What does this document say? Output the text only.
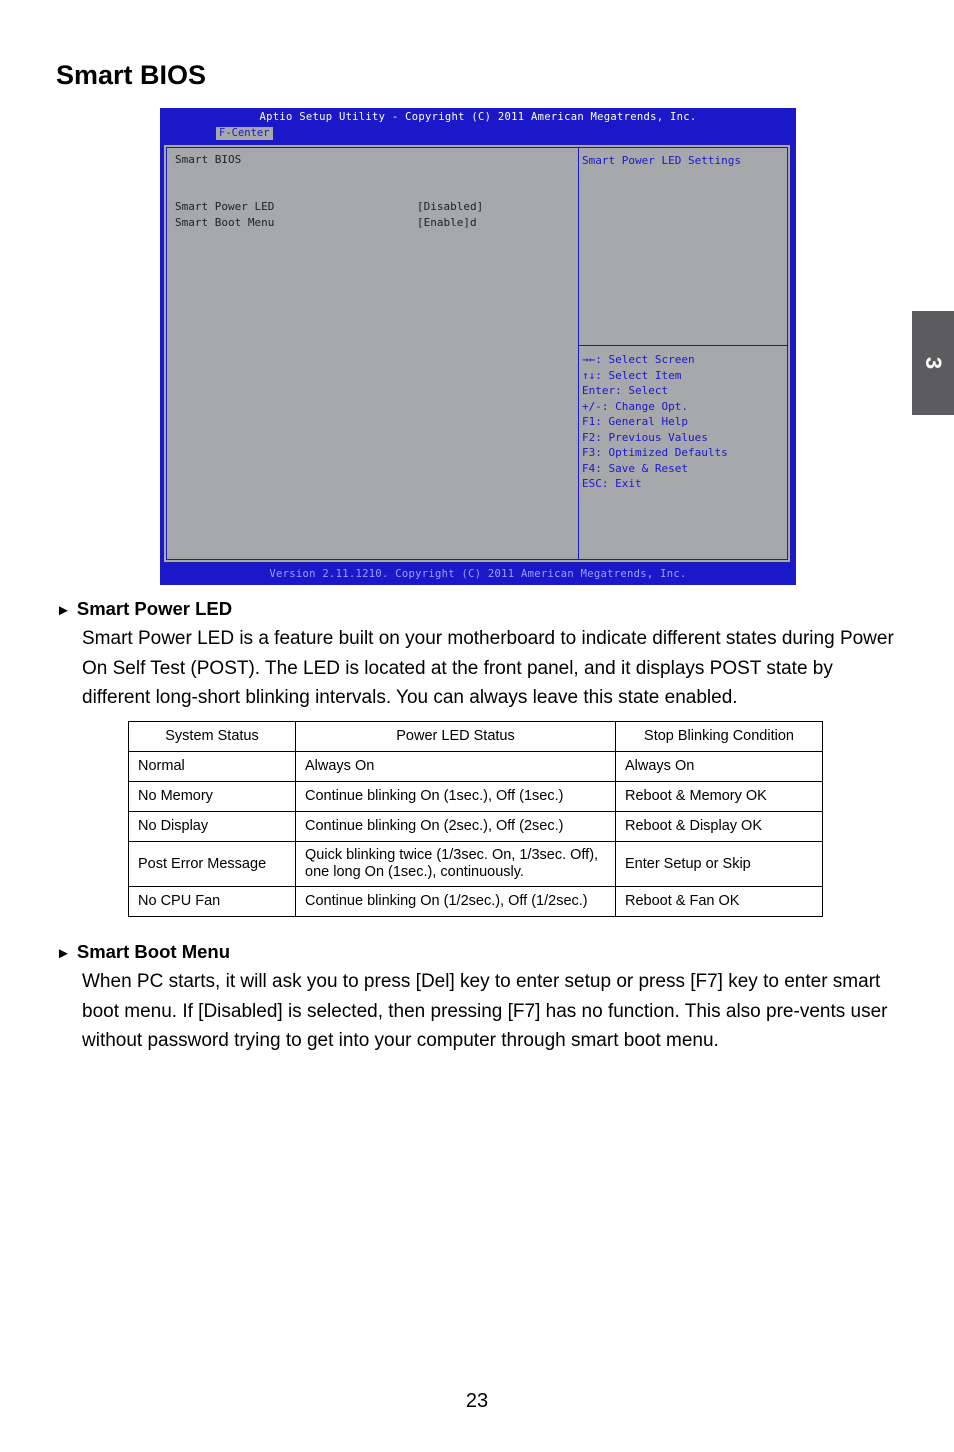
Smart BIOS
3
Aptio Setup Utility - Copyright (C) 2011 American Megatrends, Inc.
F-Center
Smart BIOS
Smart Power LED	[Disabled]
Smart Boot Menu	[Enable]d
Smart Power LED Settings
→←: Select Screen
↑↓: Select Item
Enter: Select
+/-: Change Opt.
F1: General Help
F2: Previous Values
F3: Optimized Defaults
F4: Save & Reset
ESC: Exit
Version 2.11.1210. Copyright (C) 2011 American Megatrends, Inc.
► Smart Power LED

Smart Power LED is a feature built on your motherboard to indicate different states during Power On Self Test (POST). The LED is located at the front panel, and it displays POST state by different long-short blinking intervals. You can always leave this state enabled.

System Status	Power LED Status	Stop Blinking Condition
Normal	Always On	Always On
No Memory	Continue blinking On (1sec.), Off (1sec.)	Reboot & Memory OK
No Display	Continue blinking On (2sec.), Off (2sec.)	Reboot & Display OK
Post Error Message	Quick blinking twice (1/3sec. On, 1/3sec. Off), one long On (1sec.), continuously.	Enter Setup or Skip
No CPU Fan	Continue blinking On (1/2sec.), Off (1/2sec.)	Reboot & Fan OK
► Smart Boot Menu

When PC starts, it will ask you to press [Del] key to enter setup or press [F7] key to enter smart boot menu. If [Disabled] is selected, then pressing [F7] has no function. This also pre-vents user without password trying to get into your computer through smart boot menu.

23
